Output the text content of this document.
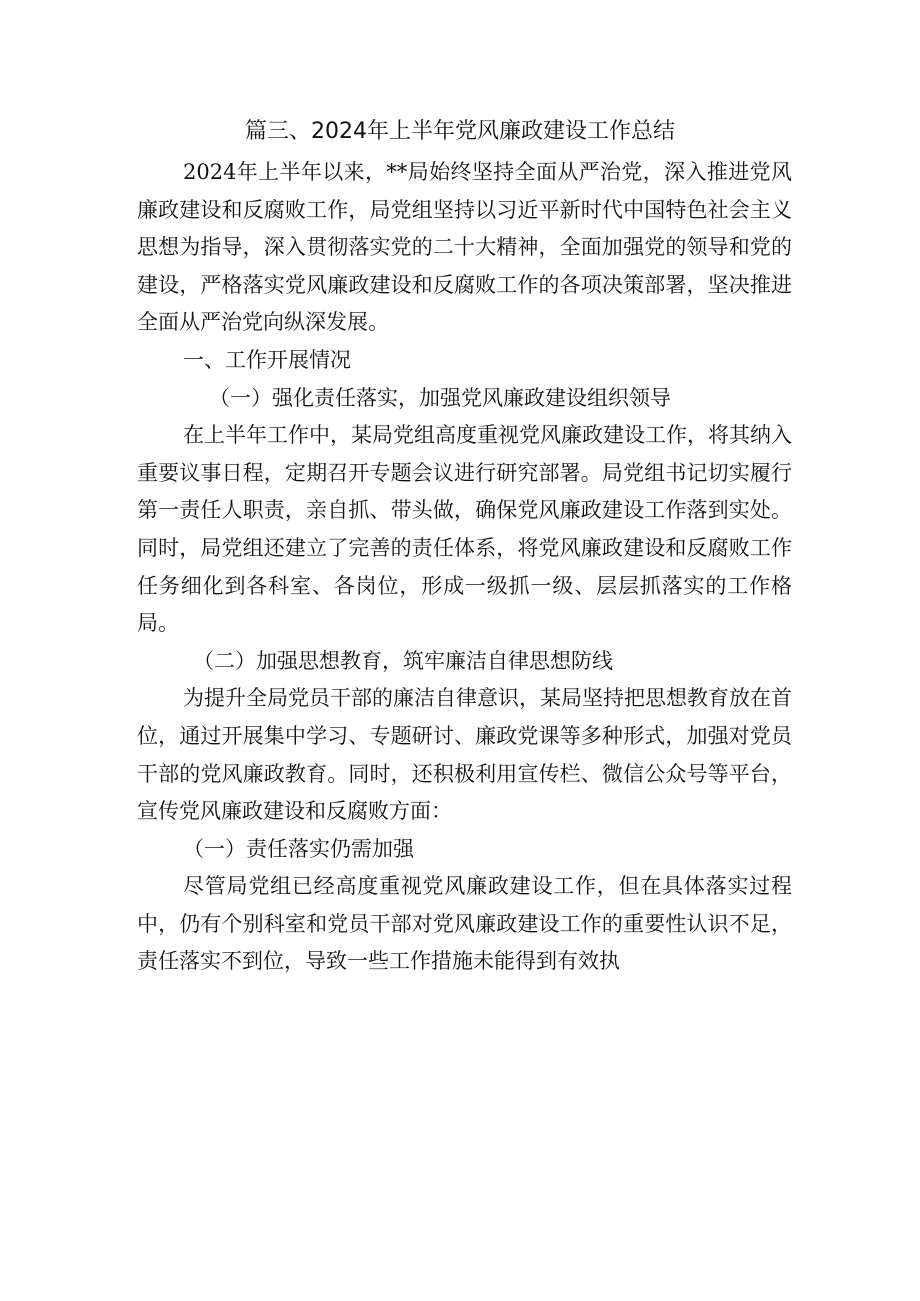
篇三、2024年上半年党风廉政建设工作总结

2024年上半年以来，**局始终坚持全面从严治党，深入推进党风廉政建设和反腐败工作，局党组坚持以习近平新时代中国特色社会主义思想为指导，深入贯彻落实党的二十大精神，全面加强党的领导和党的建设，严格落实党风廉政建设和反腐败工作的各项决策部署，坚决推进全面从严治党向纵深发展。

一、工作开展情况

（一）强化责任落实，加强党风廉政建设组织领导

在上半年工作中，某局党组高度重视党风廉政建设工作，将其纳入重要议事日程，定期召开专题会议进行研究部署。局党组书记切实履行第一责任人职责，亲自抓、带头做，确保党风廉政建设工作落到实处。同时，局党组还建立了完善的责任体系，将党风廉政建设和反腐败工作任务细化到各科室、各岗位，形成一级抓一级、层层抓落实的工作格局。

（二）加强思想教育，筑牢廉洁自律思想防线

为提升全局党员干部的廉洁自律意识，某局坚持把思想教育放在首位，通过开展集中学习、专题研讨、廉政党课等多种形式，加强对党员干部的党风廉政教育。同时，还积极利用宣传栏、微信公众号等平台，宣传党风廉政建设和反腐败方面：

（一）责任落实仍需加强

尽管局党组已经高度重视党风廉政建设工作，但在具体落实过程中，仍有个别科室和党员干部对党风廉政建设工作的重要性认识不足，责任落实不到位，导致一些工作措施未能得到有效执
